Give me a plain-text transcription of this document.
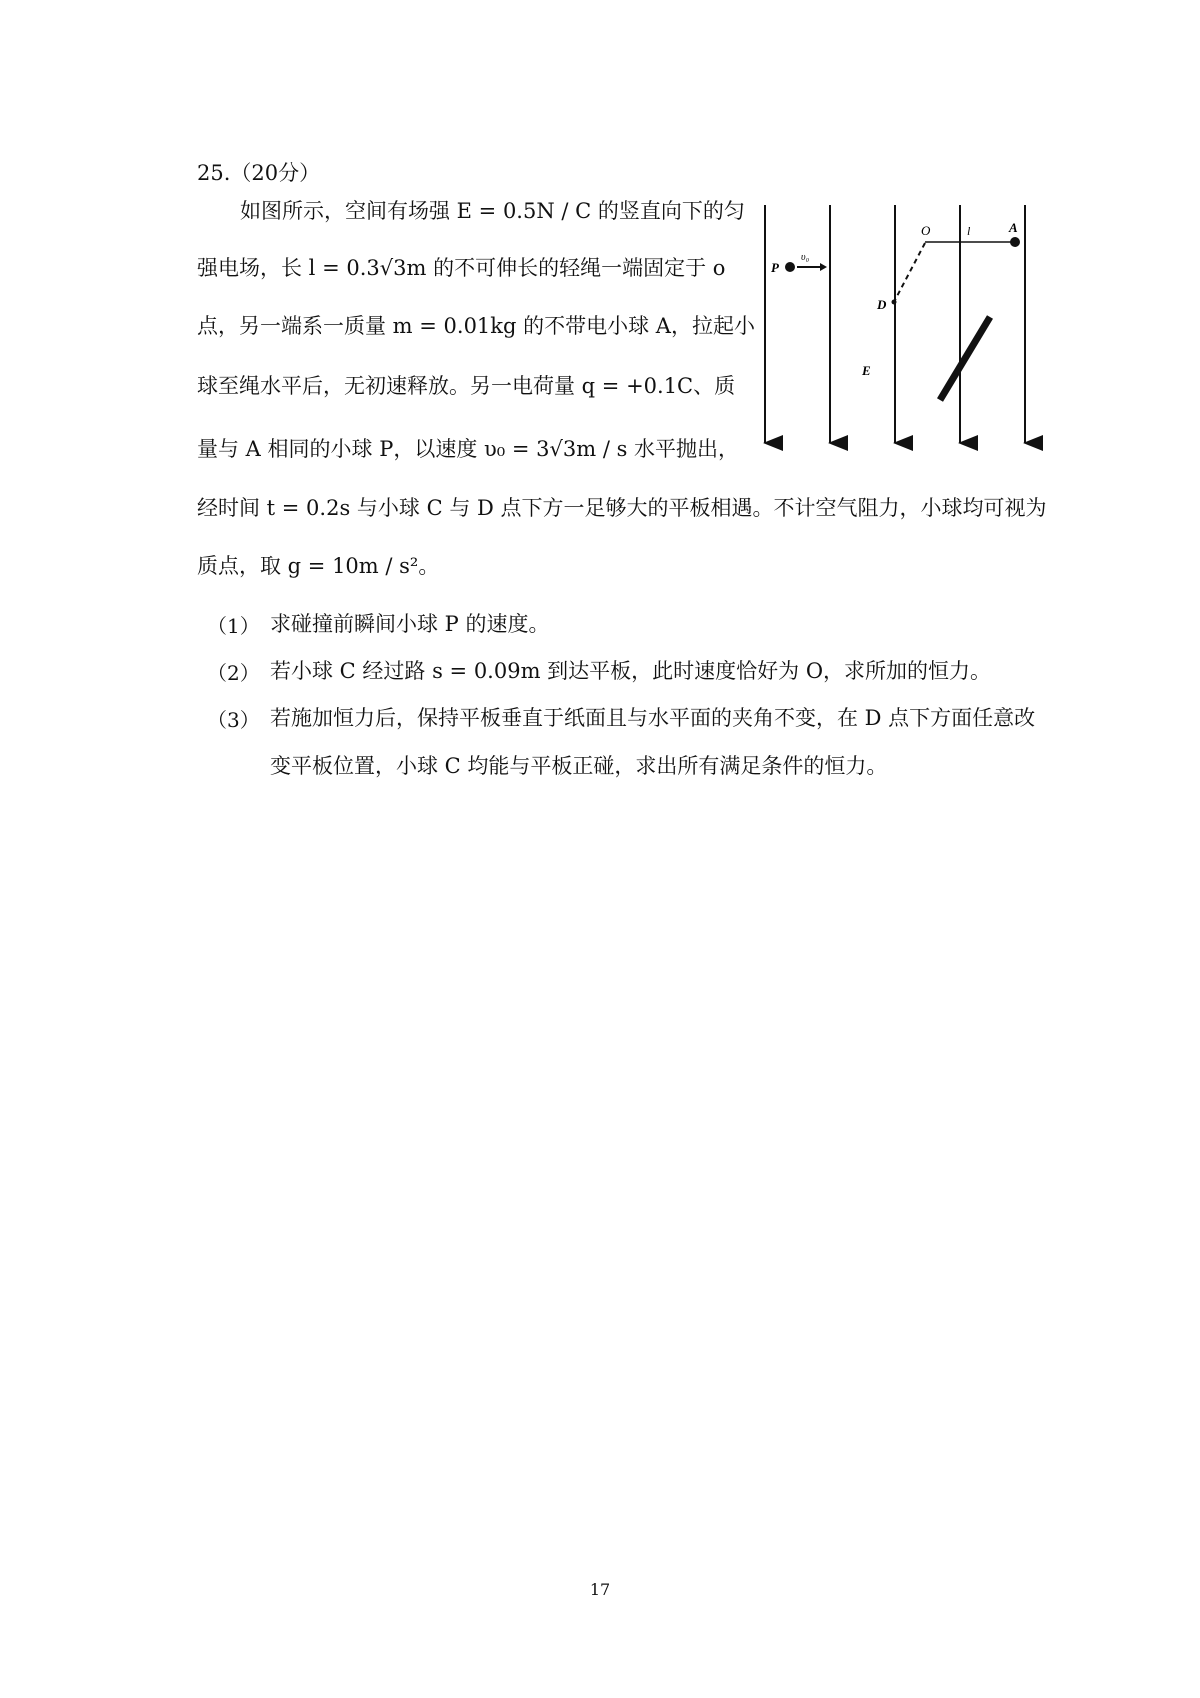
25.（20分）
如图所示，空间有场强 E = 0.5N / C 的竖直向下的匀
强电场，长 l = 0.3√3m 的不可伸长的轻绳一端固定于 o
点，另一端系一质量 m = 0.01kg 的不带电小球 A，拉起小
球至绳水平后，无初速释放。另一电荷量 q = +0.1C、质
量与 A 相同的小球 P，以速度 υ₀ = 3√3m / s 水平抛出，
经时间 t = 0.2s 与小球 C 与 D 点下方一足够大的平板相遇。不计空气阻力，小球均可视为
质点，取 g = 10m / s²。
（1） 求碰撞前瞬间小球 P 的速度。
（2） 若小球 C 经过路 s = 0.09m 到达平板，此时速度恰好为 O，求所加的恒力。
（3） 若施加恒力后，保持平板垂直于纸面且与水平面的夹角不变，在 D 点下方面任意改
变平板位置，小球 C 均能与平板正碰，求出所有满足条件的恒力。
P
υ₀
O	l	A
D
E
17
